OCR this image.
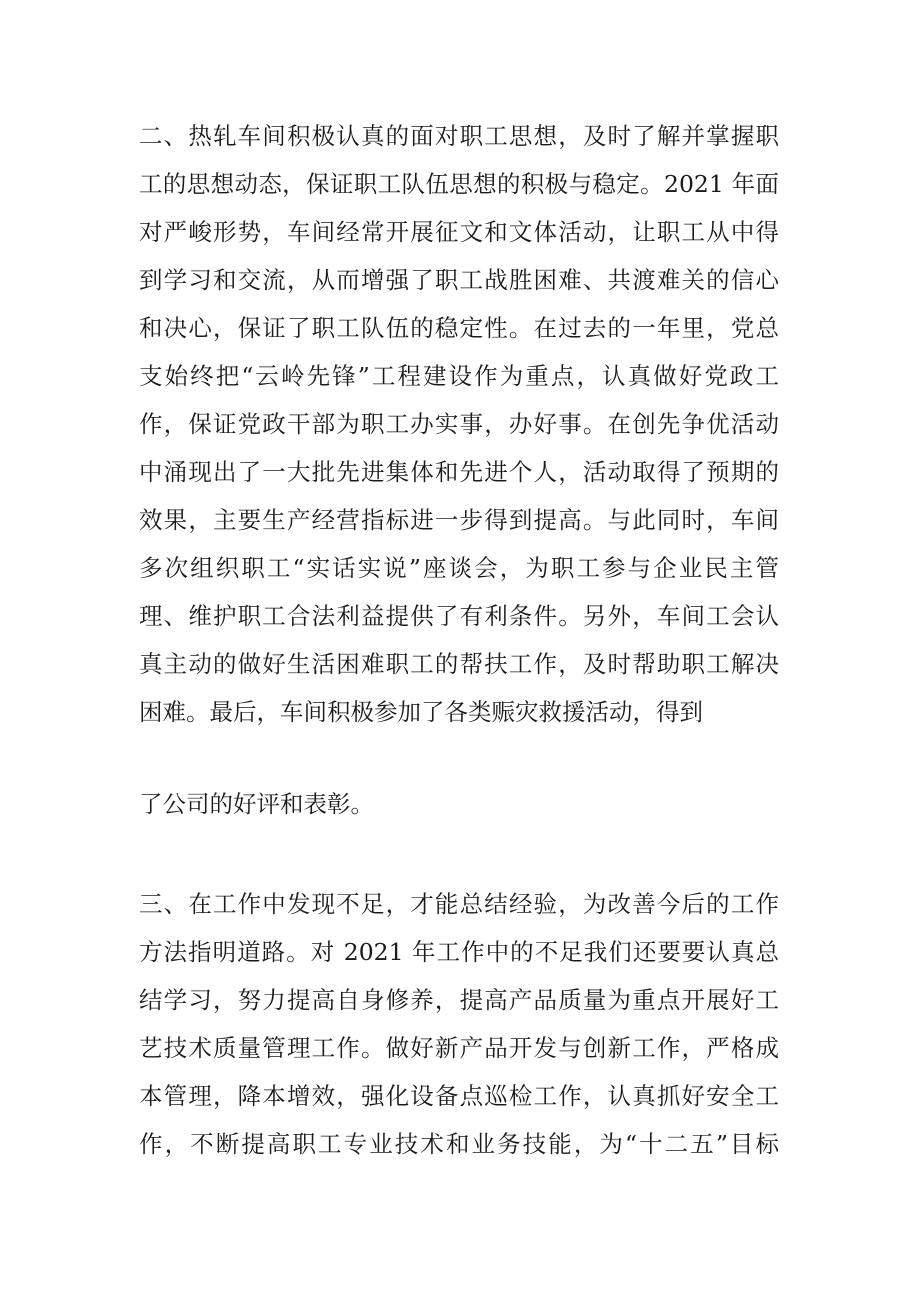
二、热轧车间积极认真的面对职工思想，及时了解并掌握职

工的思想动态，保证职工队伍思想的积极与稳定。2021 年面

对严峻形势，车间经常开展征文和文体活动，让职工从中得

到学习和交流，从而增强了职工战胜困难、共渡难关的信心

和决心，保证了职工队伍的稳定性。在过去的一年里，党总

支始终把“云岭先锋”工程建设作为重点，认真做好党政工

作，保证党政干部为职工办实事，办好事。在创先争优活动

中涌现出了一大批先进集体和先进个人，活动取得了预期的

效果，主要生产经营指标进一步得到提高。与此同时，车间

多次组织职工“实话实说”座谈会，为职工参与企业民主管

理、维护职工合法利益提供了有利条件。另外，车间工会认

真主动的做好生活困难职工的帮扶工作，及时帮助职工解决

困难。最后，车间积极参加了各类赈灾救援活动，得到

了公司的好评和表彰。

三、在工作中发现不足，才能总结经验，为改善今后的工作

方法指明道路。对 2021 年工作中的不足我们还要要认真总

结学习，努力提高自身修养，提高产品质量为重点开展好工

艺技术质量管理工作。做好新产品开发与创新工作，严格成

本管理，降本增效，强化设备点巡检工作，认真抓好安全工

作，不断提高职工专业技术和业务技能，为“十二五”目标
